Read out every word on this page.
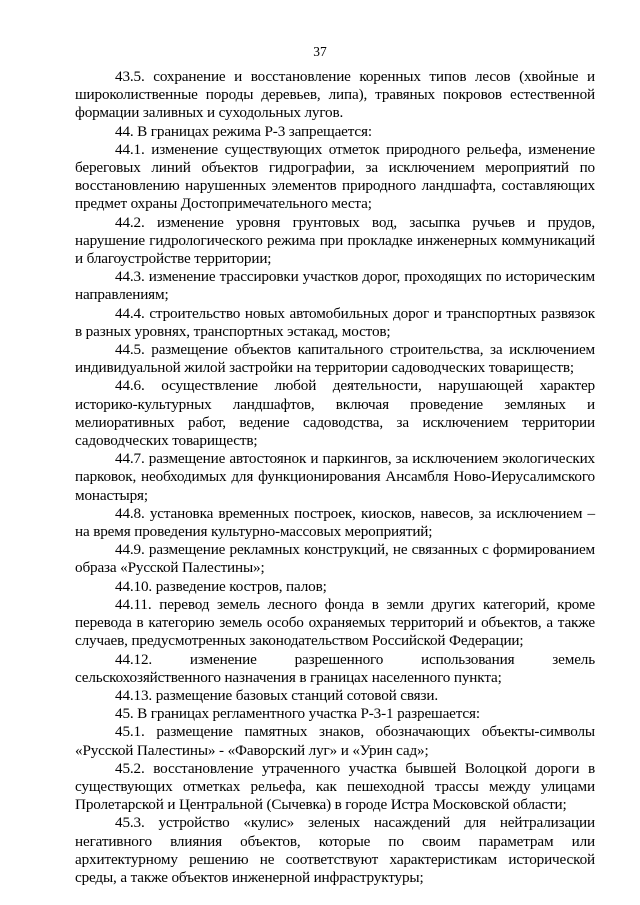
37

43.5. сохранение и восстановление коренных типов лесов (хвойные и широколиственные породы деревьев, липа), травяных покровов естественной формации заливных и суходольных лугов.

44. В границах режима Р-3 запрещается:

44.1. изменение существующих отметок природного рельефа, изменение береговых линий объектов гидрографии, за исключением мероприятий по восстановлению нарушенных элементов природного ландшафта, составляющих предмет охраны Достопримечательного места;

44.2. изменение уровня грунтовых вод, засыпка ручьев и прудов, нарушение гидрологического режима при прокладке инженерных коммуникаций и благоустройстве территории;

44.3. изменение трассировки участков дорог, проходящих по историческим направлениям;

44.4. строительство новых автомобильных дорог и транспортных развязок в разных уровнях, транспортных эстакад, мостов;

44.5. размещение объектов капитального строительства, за исключением индивидуальной жилой застройки на территории садоводческих товариществ;

44.6. осуществление любой деятельности, нарушающей характер историко-культурных ландшафтов, включая проведение земляных и мелиоративных работ, ведение садоводства, за исключением территории садоводческих товариществ;

44.7. размещение автостоянок и паркингов, за исключением экологических парковок, необходимых для функционирования Ансамбля Ново-Иерусалимского монастыря;

44.8. установка временных построек, киосков, навесов, за исключением – на время проведения культурно-массовых мероприятий;

44.9. размещение рекламных конструкций, не связанных с формированием образа «Русской Палестины»;

44.10. разведение костров, палов;

44.11. перевод земель лесного фонда в земли других категорий, кроме перевода в категорию земель особо охраняемых территорий и объектов, а также случаев, предусмотренных законодательством Российской Федерации;

44.12. изменение разрешенного использования земель сельскохозяйственного назначения в границах населенного пункта;

44.13. размещение базовых станций сотовой связи.

45. В границах регламентного участка Р-3-1 разрешается:

45.1. размещение памятных знаков, обозначающих объекты-символы «Русской Палестины» - «Фаворский луг» и «Урин сад»;

45.2. восстановление утраченного участка бывшей Волоцкой дороги в существующих отметках рельефа, как пешеходной трассы между улицами Пролетарской и Центральной (Сычевка) в городе Истра Московской области;

45.3. устройство «кулис» зеленых насаждений для нейтрализации негативного влияния объектов, которые по своим параметрам или архитектурному решению не соответствуют характеристикам исторической среды, а также объектов инженерной инфраструктуры;
